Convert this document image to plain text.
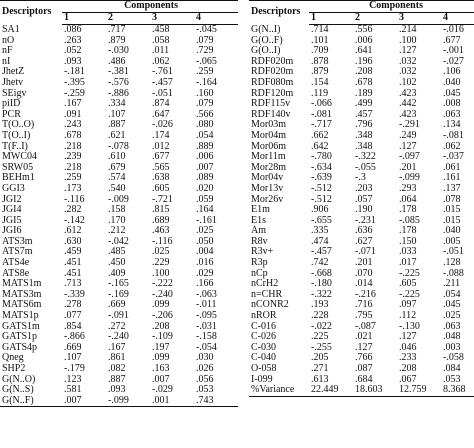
Descriptors	Components			
	1	2	3	4
SA1	.086	.717	.458	-.045
nO	.263	.879	.058	.079
nF	.052	-.030	.011	.729
nI	.093	.486	.062	-.065
JhetZ	-.181	-.381	-.761	.259
Jhetv	-.395	-.576	-.457	-.164
SEigv	-.259	-.886	-.051	.160
piID	.167	.334	.874	.079
PCR	.091	.107	.647	.566
T(O..O)	.243	.887	-.026	.080
T(O..I)	.678	.621	.174	.054
T(F..I)	.218	-.078	.012	.889
MWC04	.239	.610	.677	.006
SRW05	.218	.679	.565	.007
BEHm1	.259	.574	.638	.089
GGI3	.173	.540	.605	.020
JGI2	-.116	-.009	-.721	.059
JGI4	.282	.158	.815	.164
JGI5	-.142	.170	.689	-.161
JGI6	.612	.212	.463	.025
ATS3m	.630	-.042	-.116	.050
ATS7m	.459	.485	.025	.004
ATS4e	.451	.450	.229	.016
ATS8e	.451	.409	.100	.029
MATS1m	.713	-.165	-.222	.166
MATS3m	-.339	-.169	-.240	-.063
MATS6m	.278	.669	.099	-.011
MATS1p	.077	-.091	-.206	-.095
GATS1m	.854	.272	.208	-.031
GATS1p	-.866	-.240	-.109	-.158
GATS4p	.669	.167	.197	-.054
Qneg	.107	.861	.099	.030
SHP2	-.179	.082	.163	.026
G(N..O)	.123	.887	.007	.056
G(N..S)	.581	.093	-.029	.053
G(N..F)	.007	-.099	.001	.743
Descriptors	Components			
	1	2	3	4
G(N..I)	.714	.556	.214	-.016
G(O..F)	.101	.006	.100	.677
G(O..I)	.709	.641	.127	-.001
RDF020m	.878	.196	.032	-.027
RDF020m	.879	.208	.032	.106
RDF080m	.154	.678	.102	.040
RDF120m	.119	.189	.423	.045
RDF115v	-.066	.499	.442	.008
RDF140v	-.081	.457	.423	.063
Mor03m	-.717	.796	-.291	.134
Mor04m	.662	.348	.249	-.081
Mor06m	.642	.348	.127	.062
Mor11m	-.780	-.322	-.097	-.037
Mor28m	-.634	-.055	.201	.061
Mor04v	-.639	-.3	-.099	.161
Mor13v	-.512	.203	.293	.137
Mor26v	-.512	.057	.064	.078
E1m	.906	.190	.178	.015
E1s	-.655	-.231	-.085	.015
Am	.335	.636	.178	.040
R8v	.474	.627	.150	.005
R3v+	-.457	-.071	.033	-.051
R3p	.742	.201	.017	.128
nCp	-.668	.070	-.225	-.088
nCrH2	-.180	.014	.605	.211
n=CHR	-.322	-.216	-.225	.054
nCONR2	.193	.716	.097	.045
nROR	.228	.795	.112	.025
C-016	-.022	-.087	-.130	.063
C-026	.225	.021	.127	.048
C-030	-.255	.127	.046	.003
C-040	.205	.766	.233	-.058
O-058	.271	.087	.208	.084
I-099	.613	.684	.067	.053
%Variance	22.449	18.603	12.759	8.368
